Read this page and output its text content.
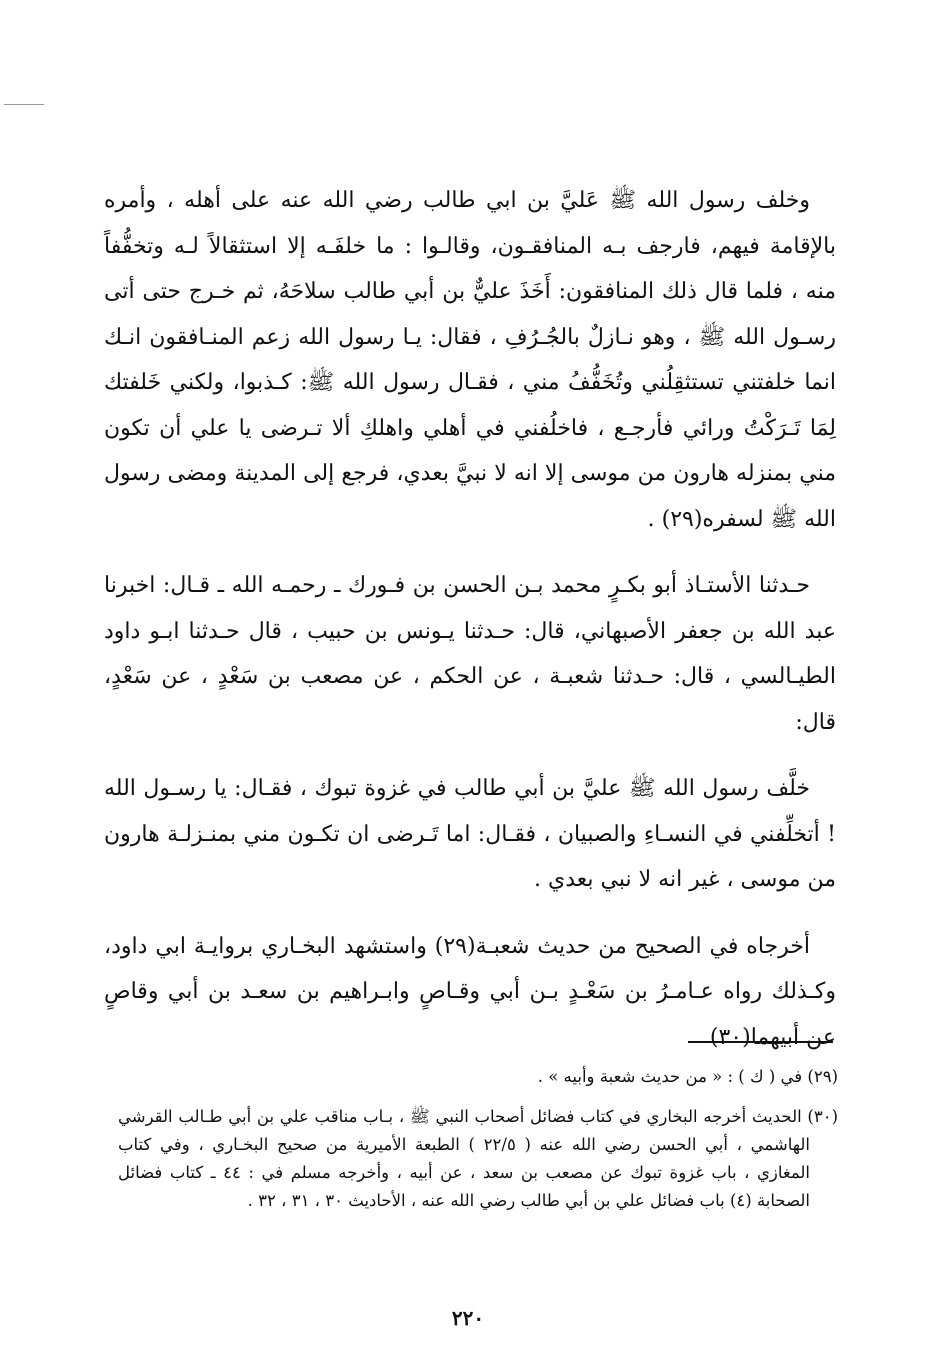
وخلف رسول الله ﷺ عَليَّ بن ابي طالب رضي الله عنه على أهله ، وأمره بالإقامة فيهم، فارجف بـه المنافقـون، وقالـوا : ما خلفَـه إلا استثقالاً لـه وتخفُّفاً منه ، فلما قال ذلك المنافقون: أَخَذَ عليٌّ بن أبي طالب سلاحَهُ، ثم خـرج حتى أتى رسـول الله ﷺ ، وهو نـازلٌ بالجُـرُفِ ، فقال: يـا رسول الله زعم المنـافقون انـك انما خلفتني تستثقِلُني وتُخَفُّفُ مني ، فقـال رسول الله ﷺ: كـذبوا، ولكني خَلفتك لِمَا تَـرَكْتُ ورائي فأرجـع ، فاخلُفني في أهلي واهلكِ ألا تـرضى يا علي أن تكون مني بمنزله هارون من موسى إلا انه لا نبيَّ بعدي، فرجع إلى المدينة ومضى رسول الله ﷺ لسفره(٢٩) .

حـدثنا الأستـاذ أبو بكـرٍ محمد بـن الحسن بن فـورك ـ رحمـه الله ـ قـال: اخبرنا عبد الله بن جعفر الأصبهاني، قال: حـدثنا يـونس بن حبيب ، قال حـدثنا ابـو داود الطيـالسي ، قال: حـدثنا شعبـة ، عن الحكم ، عن مصعب بن سَعْدٍ ، عن سَعْدٍ، قال:

خلَّف رسول الله ﷺ عليَّ بن أبي طالب في غزوة تبوك ، فقـال: يا رسـول الله ! أتخلِّفني في النسـاءِ والصبيان ، فقـال: اما تَـرضى ان تكـون مني بمنـزلـة هارون من موسى ، غير انه لا نبي بعدي .

أخرجاه في الصحيح من حديث شعبـة(٢٩) واستشهد البخـاري بروايـة ابي داود، وكـذلك رواه عـامـرُ بن سَعْـدٍ بـن أبي وقـاصٍ وابـراهيم بن سعـد بن أبي وقاصٍ عن أبيهما(٣٠)

(٢٩) في ( ك ) : « من حديث شعبة وأبيه » .

(٣٠) الحديث أخرجه البخاري في كتاب فضائل أصحاب النبي ﷺ ، بـاب مناقب علي بن أبي طـالب القرشي الهاشمي ، أبي الحسن رضي الله عنه ( ٢٢/٥ ) الطبعة الأميرية من صحيح البخـاري ، وفي كتاب المغازي ، باب غزوة تبوك عن مصعب بن سعد ، عن أبيه ، وأخرجه مسلم في : ٤٤ ـ كتاب فضائل الصحابة (٤) باب فضائل علي بن أبي طالب رضي الله عنه ، الأحاديث ٣٠ ، ٣١ ، ٣٢ .

٢٢٠
